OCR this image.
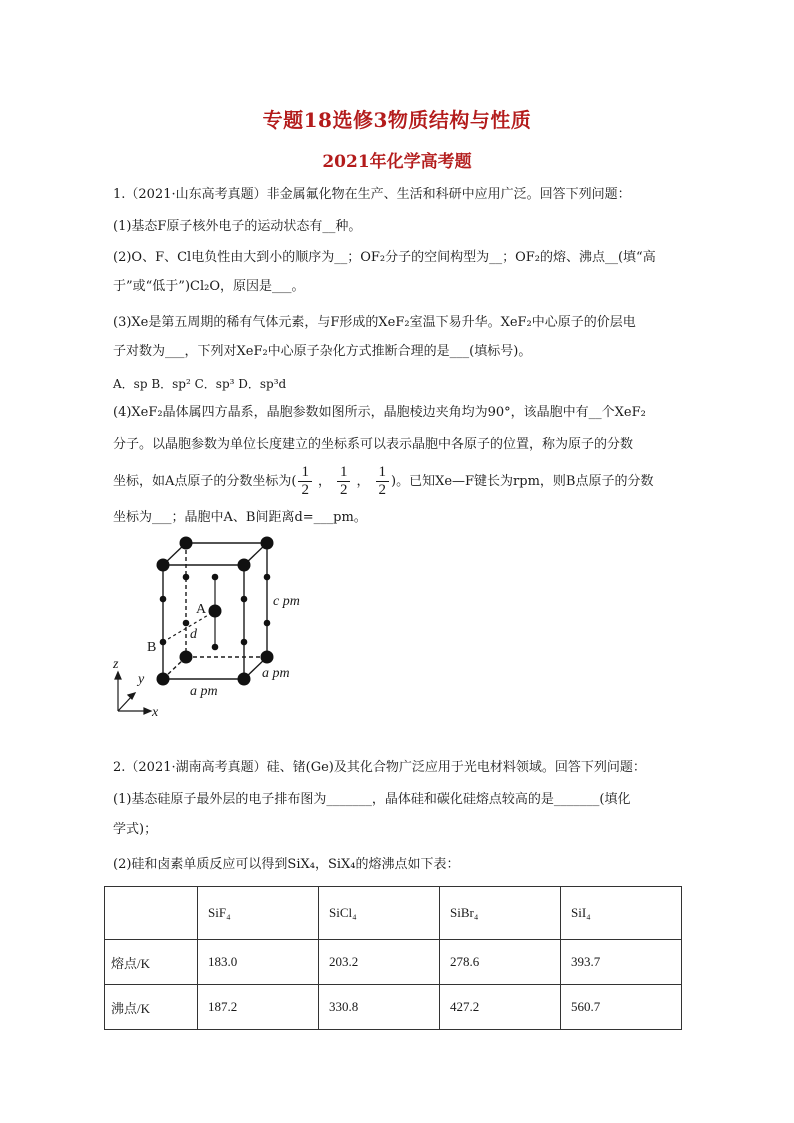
专题18选修3物质结构与性质
2021年化学高考题
1.（2021·山东高考真题）非金属氟化物在生产、生活和科研中应用广泛。回答下列问题：
(1)基态F原子核外电子的运动状态有__种。
(2)O、F、Cl电负性由大到小的顺序为__；OF₂分子的空间构型为__；OF₂的熔、沸点__(填“高
于”或“低于”)Cl₂O，原因是___。
(3)Xe是第五周期的稀有气体元素，与F形成的XeF₂室温下易升华。XeF₂中心原子的价层电
子对数为___，下列对XeF₂中心原子杂化方式推断合理的是___(填标号)。
A．sp B．sp² C．sp³ D．sp³d
(4)XeF₂晶体属四方晶系，晶胞参数如图所示，晶胞棱边夹角均为90°，该晶胞中有__个XeF₂
分子。以晶胞参数为单位长度建立的坐标系可以表示晶胞中各原子的位置，称为原子的分数
坐标，如A点原子的分数坐标为( $\frac{1}{2}$ ， $\frac{1}{2}$ ， $\frac{1}{2}$ )。已知Xe—F键长为rpm，则B点原子的分数
坐标为___；晶胞中A、B间距离d=___pm。
A
B
d
c pm
a pm
a pm
z
y
x
2.（2021·湖南高考真题）硅、锗(Ge)及其化合物广泛应用于光电材料领域。回答下列问题：
(1)基态硅原子最外层的电子排布图为_______，晶体硅和碳化硅熔点较高的是_______(填化
学式)；
(2)硅和卤素单质反应可以得到SiX₄，SiX₄的熔沸点如下表：
	SiF₄	SiCl₄	SiBr₄	SiI₄
熔点/K	183.0	203.2	278.6	393.7
沸点/K	187.2	330.8	427.2	560.7
